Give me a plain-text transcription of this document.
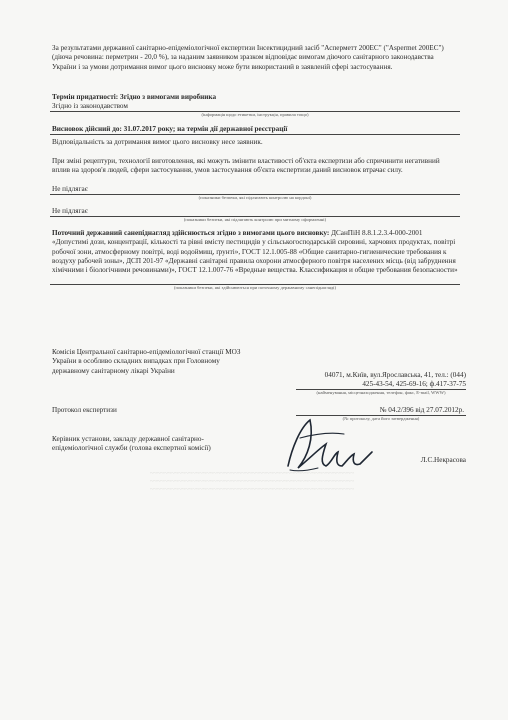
~~~~~~~~~~~~~~~~~~~~~~~~~~~~~~~~~~~~~~~~~~~~~~~~~~~~~~~~~~
~~~~~~~~~~~~~~~~~~~~~~~~~~~~~~~~~~~~~~~~~~~~~~~~~~~~~~~~~~
~~~~~~~~~~~~~~~~~~~~~~~~~~~~~~~~~~~~~~~~~~~~~~~~~~~~~~~~~~
За результатами державної санітарно-епідеміологічної експертизи Інсектицидний засіб "Асперметт 200ЕС" ("Aspermet 200EC") (діюча речовина: перметрин - 20,0 %), за наданим заявником зразком відповідає вимогам діючого санітарного законодавства України і за умови дотримання вимог цього висновку може бути використаний в заявленій сфері застосування.
Термін придатності: Згідно з вимогами виробника
Згідно із законодавством
(інформація щодо етикетки, інструкція, правила тощо)
Висновок дійсний до: 31.07.2017 року; на термін дії державної реєстрації
Відповідальність за дотримання вимог цього висновку несе заявник.
При зміні рецептури, технології виготовлення, які можуть змінити властивості об'єкта експертизи або спричинити негативний вплив на здоров'я людей, сфери застосування, умов застосування об'єкта експертизи даний висновок втрачає силу.
Не підлягає
(показники безпеки, які підлягають контролю на кордоні)
Не підлягає
(показники безпеки, які підлягають контролю при митному оформленні)
Поточний державний санепіднагляд здійснюється згідно з вимогами цього висновку: ДСанПіН 8.8.1.2.3.4-000-2001 «Допустимі дози, концентрації, кількості та рівні вмісту пестицидів у сільськогосподарській сировині, харчових продуктах, повітрі робочої зони, атмосферному повітрі, воді водоймищ, ґрунті», ГОСТ 12.1.005-88 «Общие санитарно-гигиенические требования к воздуху рабочей зоны», ДСП 201-97 «Державні санітарні правила охорони атмосферного повітря населених місць (від забруднення хімічними і біологічними речовинами)», ГОСТ 12.1.007-76 «Вредные вещества. Классификация и общие требования безопасности»
(показники безпеки, які здійснюються при поточному державному санепіднагляді)
Комісія Центральної санітарно-епідеміологічної станції МОЗ України в особливо складних випадках при Головному державному санітарному лікарі України
04071, м.Київ, вул.Ярославська, 41, тел.: (044)
425-43-54, 425-69-16; ф.417-37-75
(найменування, місцезнаходження, телефон, факс, E-mail, WWW)
Протокол експертизи	№ 04.2/396 від 27.07.2012р.
(№ протоколу, дата його затвердження)
Керівник установи, закладу державної санітарно-епідеміологічної служби (голова експертної комісії)
Л.С.Некрасова
